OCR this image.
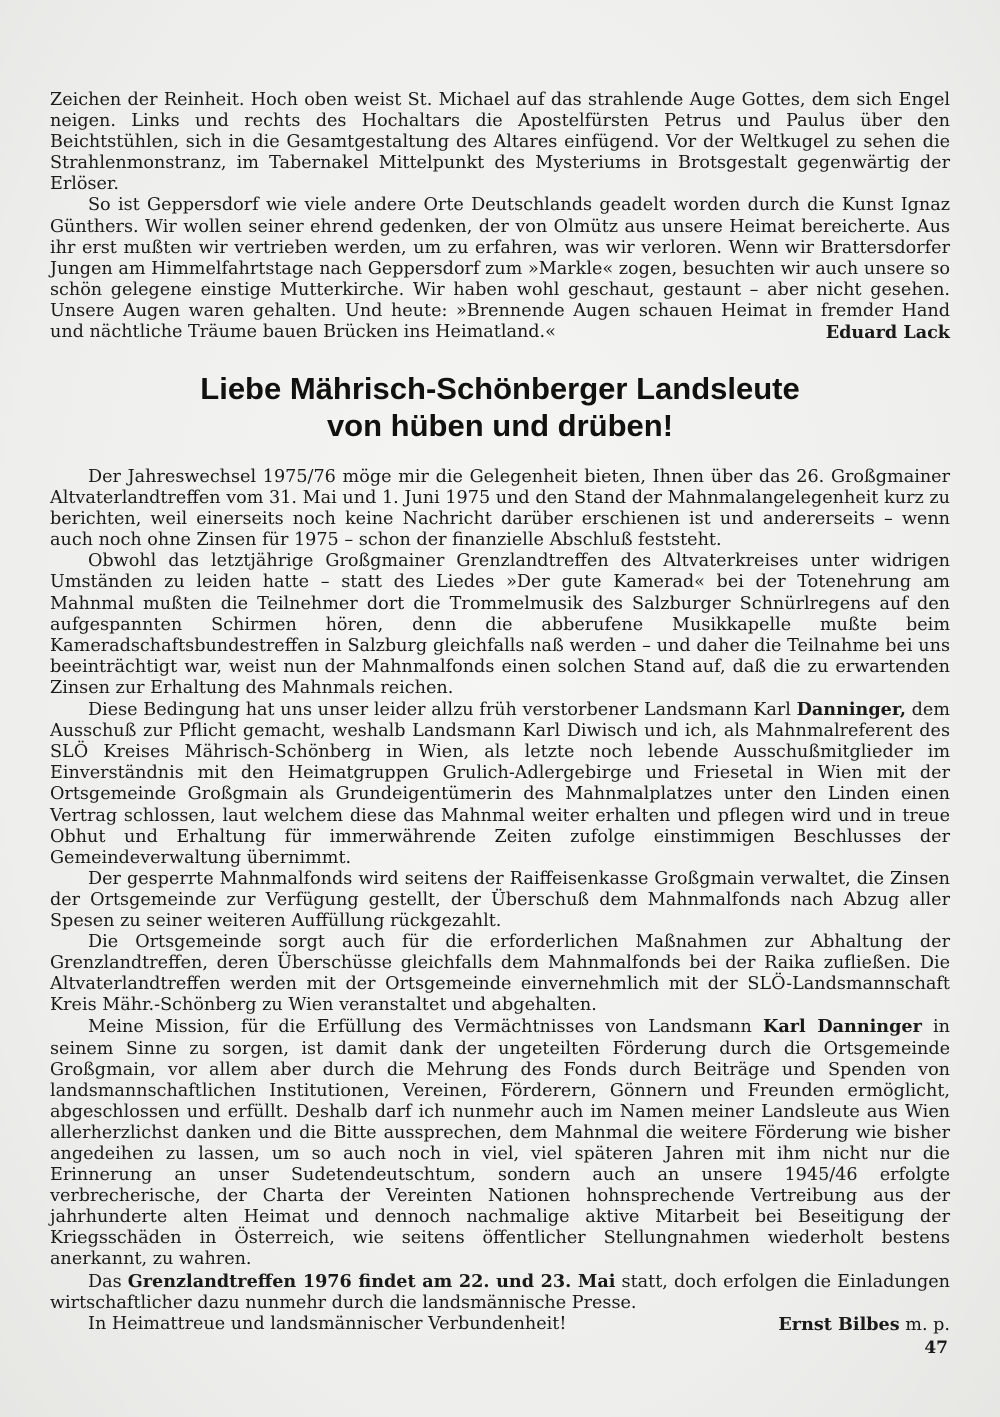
Zeichen der Reinheit. Hoch oben weist St. Michael auf das strahlende Auge Gottes, dem sich Engel neigen. Links und rechts des Hochaltars die Apostelfürsten Petrus und Paulus über den Beichtstühlen, sich in die Gesamtgestaltung des Altares einfügend. Vor der Weltkugel zu sehen die Strahlenmonstranz, im Tabernakel Mittelpunkt des Mysteriums in Brotsgestalt gegenwärtig der Erlöser.

So ist Geppersdorf wie viele andere Orte Deutschlands geadelt worden durch die Kunst Ignaz Günthers. Wir wollen seiner ehrend gedenken, der von Olmütz aus unsere Heimat bereicherte. Aus ihr erst mußten wir vertrieben werden, um zu erfahren, was wir verloren. Wenn wir Brattersdorfer Jungen am Himmelfahrtstage nach Geppersdorf zum »Markle« zogen, besuchten wir auch unsere so schön gelegene einstige Mutterkirche. Wir haben wohl geschaut, gestaunt – aber nicht gesehen. Unsere Augen waren gehalten. Und heute: »Brennende Augen schauen Heimat in fremder Hand und nächtliche Träume bauen Brücken ins Heimatland.«	Eduard Lack
Liebe Mährisch-Schönberger Landsleute
von hüben und drüben!

Der Jahreswechsel 1975/76 möge mir die Gelegenheit bieten, Ihnen über das 26. Großgmainer Altvaterlandtreffen vom 31. Mai und 1. Juni 1975 und den Stand der Mahnmalangelegenheit kurz zu berichten, weil einerseits noch keine Nachricht darüber erschienen ist und andererseits – wenn auch noch ohne Zinsen für 1975 – schon der finanzielle Abschluß feststeht.

Obwohl das letztjährige Großgmainer Grenzlandtreffen des Altvaterkreises unter widrigen Umständen zu leiden hatte – statt des Liedes »Der gute Kamerad« bei der Totenehrung am Mahnmal mußten die Teilnehmer dort die Trommelmusik des Salzburger Schnürlregens auf den aufgespannten Schirmen hören, denn die abberufene Musikkapelle mußte beim Kameradschaftsbundestreffen in Salzburg gleichfalls naß werden – und daher die Teilnahme bei uns beeinträchtigt war, weist nun der Mahnmalfonds einen solchen Stand auf, daß die zu erwartenden Zinsen zur Erhaltung des Mahnmals reichen.

Diese Bedingung hat uns unser leider allzu früh verstorbener Landsmann Karl Danninger, dem Ausschuß zur Pflicht gemacht, weshalb Landsmann Karl Diwisch und ich, als Mahnmalreferent des SLÖ Kreises Mährisch-Schönberg in Wien, als letzte noch lebende Ausschußmitglieder im Einverständnis mit den Heimatgruppen Grulich-Adlergebirge und Friesetal in Wien mit der Ortsgemeinde Großgmain als Grundeigentümerin des Mahnmalplatzes unter den Linden einen Vertrag schlossen, laut welchem diese das Mahnmal weiter erhalten und pflegen wird und in treue Obhut und Erhaltung für immerwährende Zeiten zufolge einstimmigen Beschlusses der Gemeindeverwaltung übernimmt.

Der gesperrte Mahnmalfonds wird seitens der Raiffeisenkasse Großgmain verwaltet, die Zinsen der Ortsgemeinde zur Verfügung gestellt, der Überschuß dem Mahnmalfonds nach Abzug aller Spesen zu seiner weiteren Auffüllung rückgezahlt.

Die Ortsgemeinde sorgt auch für die erforderlichen Maßnahmen zur Abhaltung der Grenzlandtreffen, deren Überschüsse gleichfalls dem Mahnmalfonds bei der Raika zufließen. Die Altvaterlandtreffen werden mit der Ortsgemeinde einvernehmlich mit der SLÖ-Landsmannschaft Kreis Mähr.-Schönberg zu Wien veranstaltet und abgehalten.

Meine Mission, für die Erfüllung des Vermächtnisses von Landsmann Karl Danninger in seinem Sinne zu sorgen, ist damit dank der ungeteilten Förderung durch die Ortsgemeinde Großgmain, vor allem aber durch die Mehrung des Fonds durch Beiträge und Spenden von landsmannschaftlichen Institutionen, Vereinen, Förderern, Gönnern und Freunden ermöglicht, abgeschlossen und erfüllt. Deshalb darf ich nunmehr auch im Namen meiner Landsleute aus Wien allerherzlichst danken und die Bitte aussprechen, dem Mahnmal die weitere Förderung wie bisher angedeihen zu lassen, um so auch noch in viel, viel späteren Jahren mit ihm nicht nur die Erinnerung an unser Sudetendeutschtum, sondern auch an unsere 1945/46 erfolgte verbrecherische, der Charta der Vereinten Nationen hohnsprechende Vertreibung aus der jahrhunderte alten Heimat und dennoch nachmalige aktive Mitarbeit bei Beseitigung der Kriegsschäden in Österreich, wie seitens öffentlicher Stellungnahmen wiederholt bestens anerkannt, zu wahren.

Das Grenzlandtreffen 1976 findet am 22. und 23. Mai statt, doch erfolgen die Einladungen wirtschaftlicher dazu nunmehr durch die landsmännische Presse.

In Heimattreue und landsmännischer Verbundenheit!	Ernst Bilbes m. p.
47
